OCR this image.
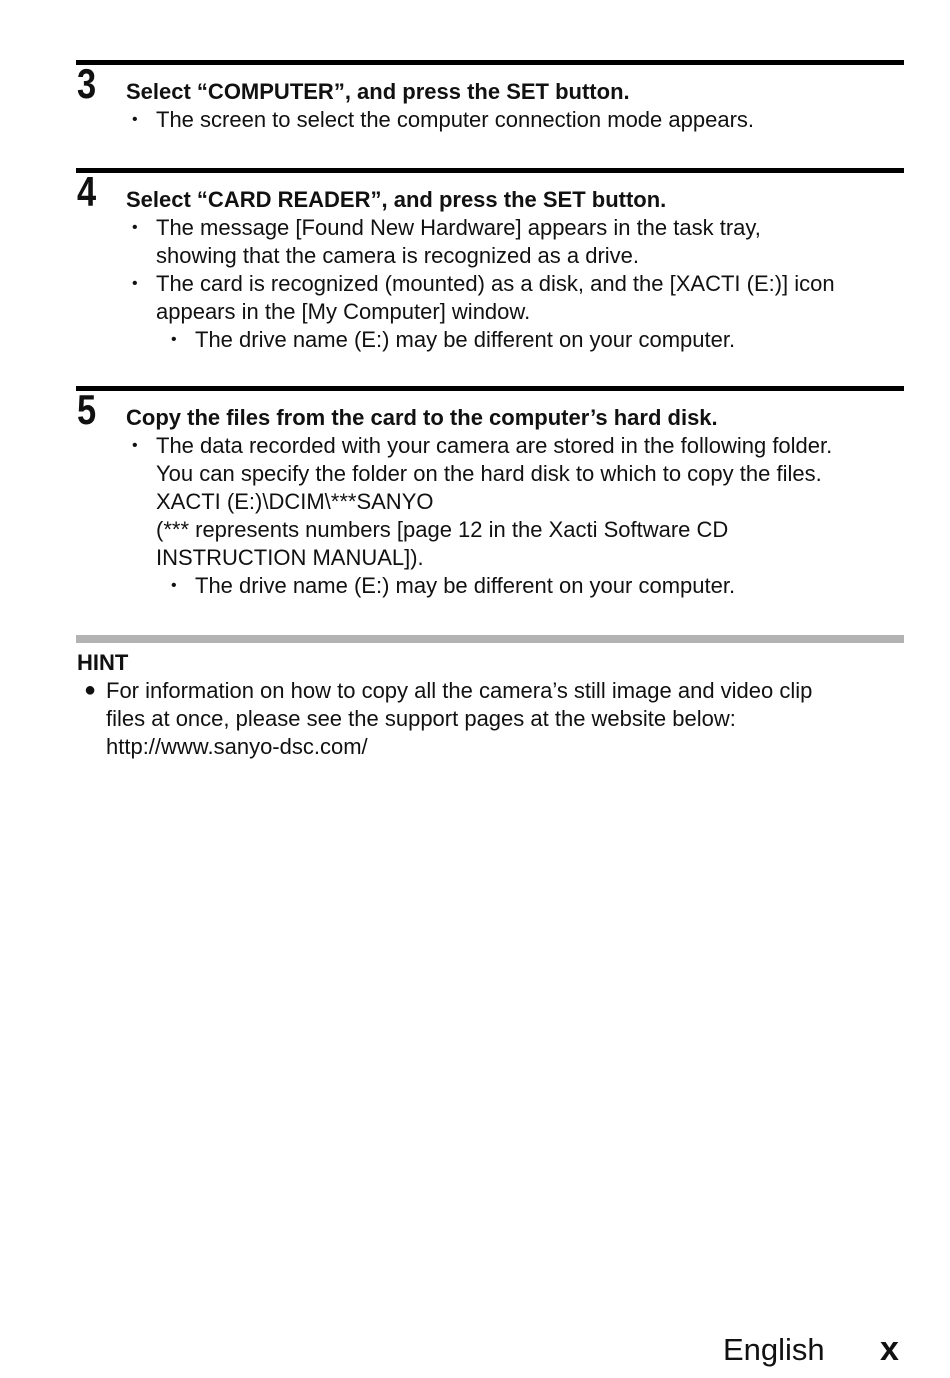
3 Select “COMPUTER”, and press the SET button.
• The screen to select the computer connection mode appears.
4 Select “CARD READER”, and press the SET button.
• The message [Found New Hardware] appears in the task tray,
showing that the camera is recognized as a drive.
• The card is recognized (mounted) as a disk, and the [XACTI (E:)] icon
appears in the [My Computer] window.
• The drive name (E:) may be different on your computer.
5 Copy the files from the card to the computer’s hard disk.
• The data recorded with your camera are stored in the following folder.
You can specify the folder on the hard disk to which to copy the files.
XACTI (E:)\DCIM\***SANYO
(*** represents numbers [page 12 in the Xacti Software CD
INSTRUCTION MANUAL]).
• The drive name (E:) may be different on your computer.
HINT
● For information on how to copy all the camera’s still image and video clip
files at once, please see the support pages at the website below:
http://www.sanyo-dsc.com/
English x
